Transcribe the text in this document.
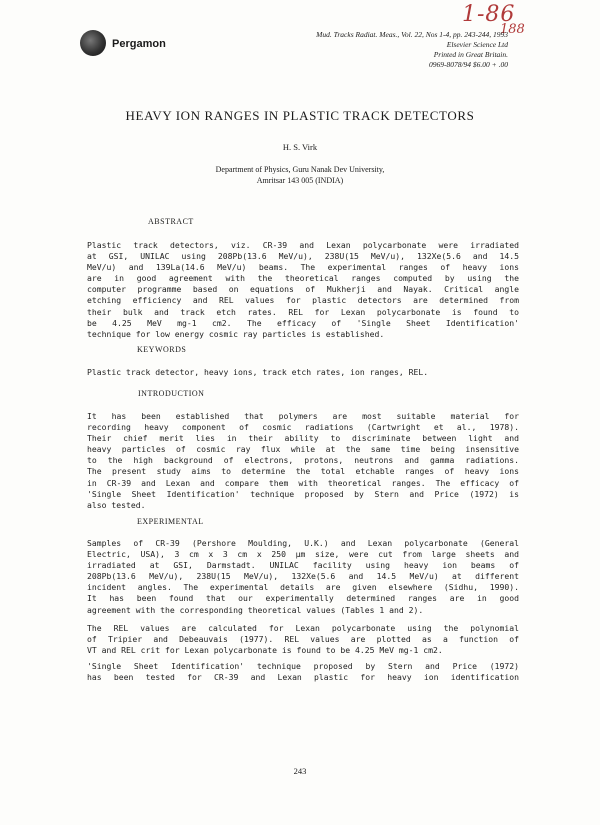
1-86
188
Pergamon
Mud. Tracks Radiat. Meas., Vol. 22, Nos 1-4, pp. 243-244, 1993
Elsevier Science Ltd
Printed in Great Britain.
0969-8078/94 $6.00 + .00
HEAVY ION RANGES IN PLASTIC TRACK DETECTORS
H. S. Virk
Department of Physics, Guru Nanak Dev University,
Amritsar 143 005 (INDIA)
ABSTRACT
Plastic track detectors, viz. CR-39 and Lexan polycarbonate were irradiated
at GSI, UNILAC using 208Pb(13.6 MeV/u), 238U(15 MeV/u), 132Xe(5.6 and 14.5
MeV/u) and 139La(14.6 MeV/u) beams. The experimental ranges of heavy ions
are in good agreement with the theoretical ranges computed by using the
computer programme based on equations of Mukherji and Nayak. Critical angle
etching efficiency and REL values for plastic detectors are determined from
their bulk and track etch rates. REL for Lexan polycarbonate is found to
be 4.25 MeV mg-1 cm2. The efficacy of 'Single Sheet Identification'
technique for low energy cosmic ray particles is established.
KEYWORDS
Plastic track detector, heavy ions, track etch rates, ion ranges, REL.
INTRODUCTION
It has been established that polymers are most suitable material for
recording heavy component of cosmic radiations (Cartwright et al., 1978).
Their chief merit lies in their ability to discriminate between light and
heavy particles of cosmic ray flux while at the same time being insensitive
to the high background of electrons, protons, neutrons and gamma radiations.
The present study aims to determine the total etchable ranges of heavy ions
in CR-39 and Lexan and compare them with theoretical ranges. The efficacy of
'Single Sheet Identification' technique proposed by Stern and Price (1972) is
also tested.
EXPERIMENTAL
Samples of CR-39 (Pershore Moulding, U.K.) and Lexan polycarbonate (General
Electric, USA), 3 cm x 3 cm x 250 µm size, were cut from large sheets and
irradiated at GSI, Darmstadt. UNILAC facility using heavy ion beams of
208Pb(13.6 MeV/u), 238U(15 MeV/u), 132Xe(5.6 and 14.5 MeV/u) at different
incident angles. The experimental details are given elsewhere (Sidhu, 1990).
It has been found that our experimentally determined ranges are in good
agreement with the corresponding theoretical values (Tables 1 and 2).
The REL values are calculated for Lexan polycarbonate using the polynomial
of Tripier and Debeauvais (1977). REL values are plotted as a function of
VT and REL crit for Lexan polycarbonate is found to be 4.25 MeV mg-1 cm2.
'Single Sheet Identification' technique proposed by Stern and Price (1972)
has been tested for CR-39 and Lexan plastic for heavy ion identification
243
